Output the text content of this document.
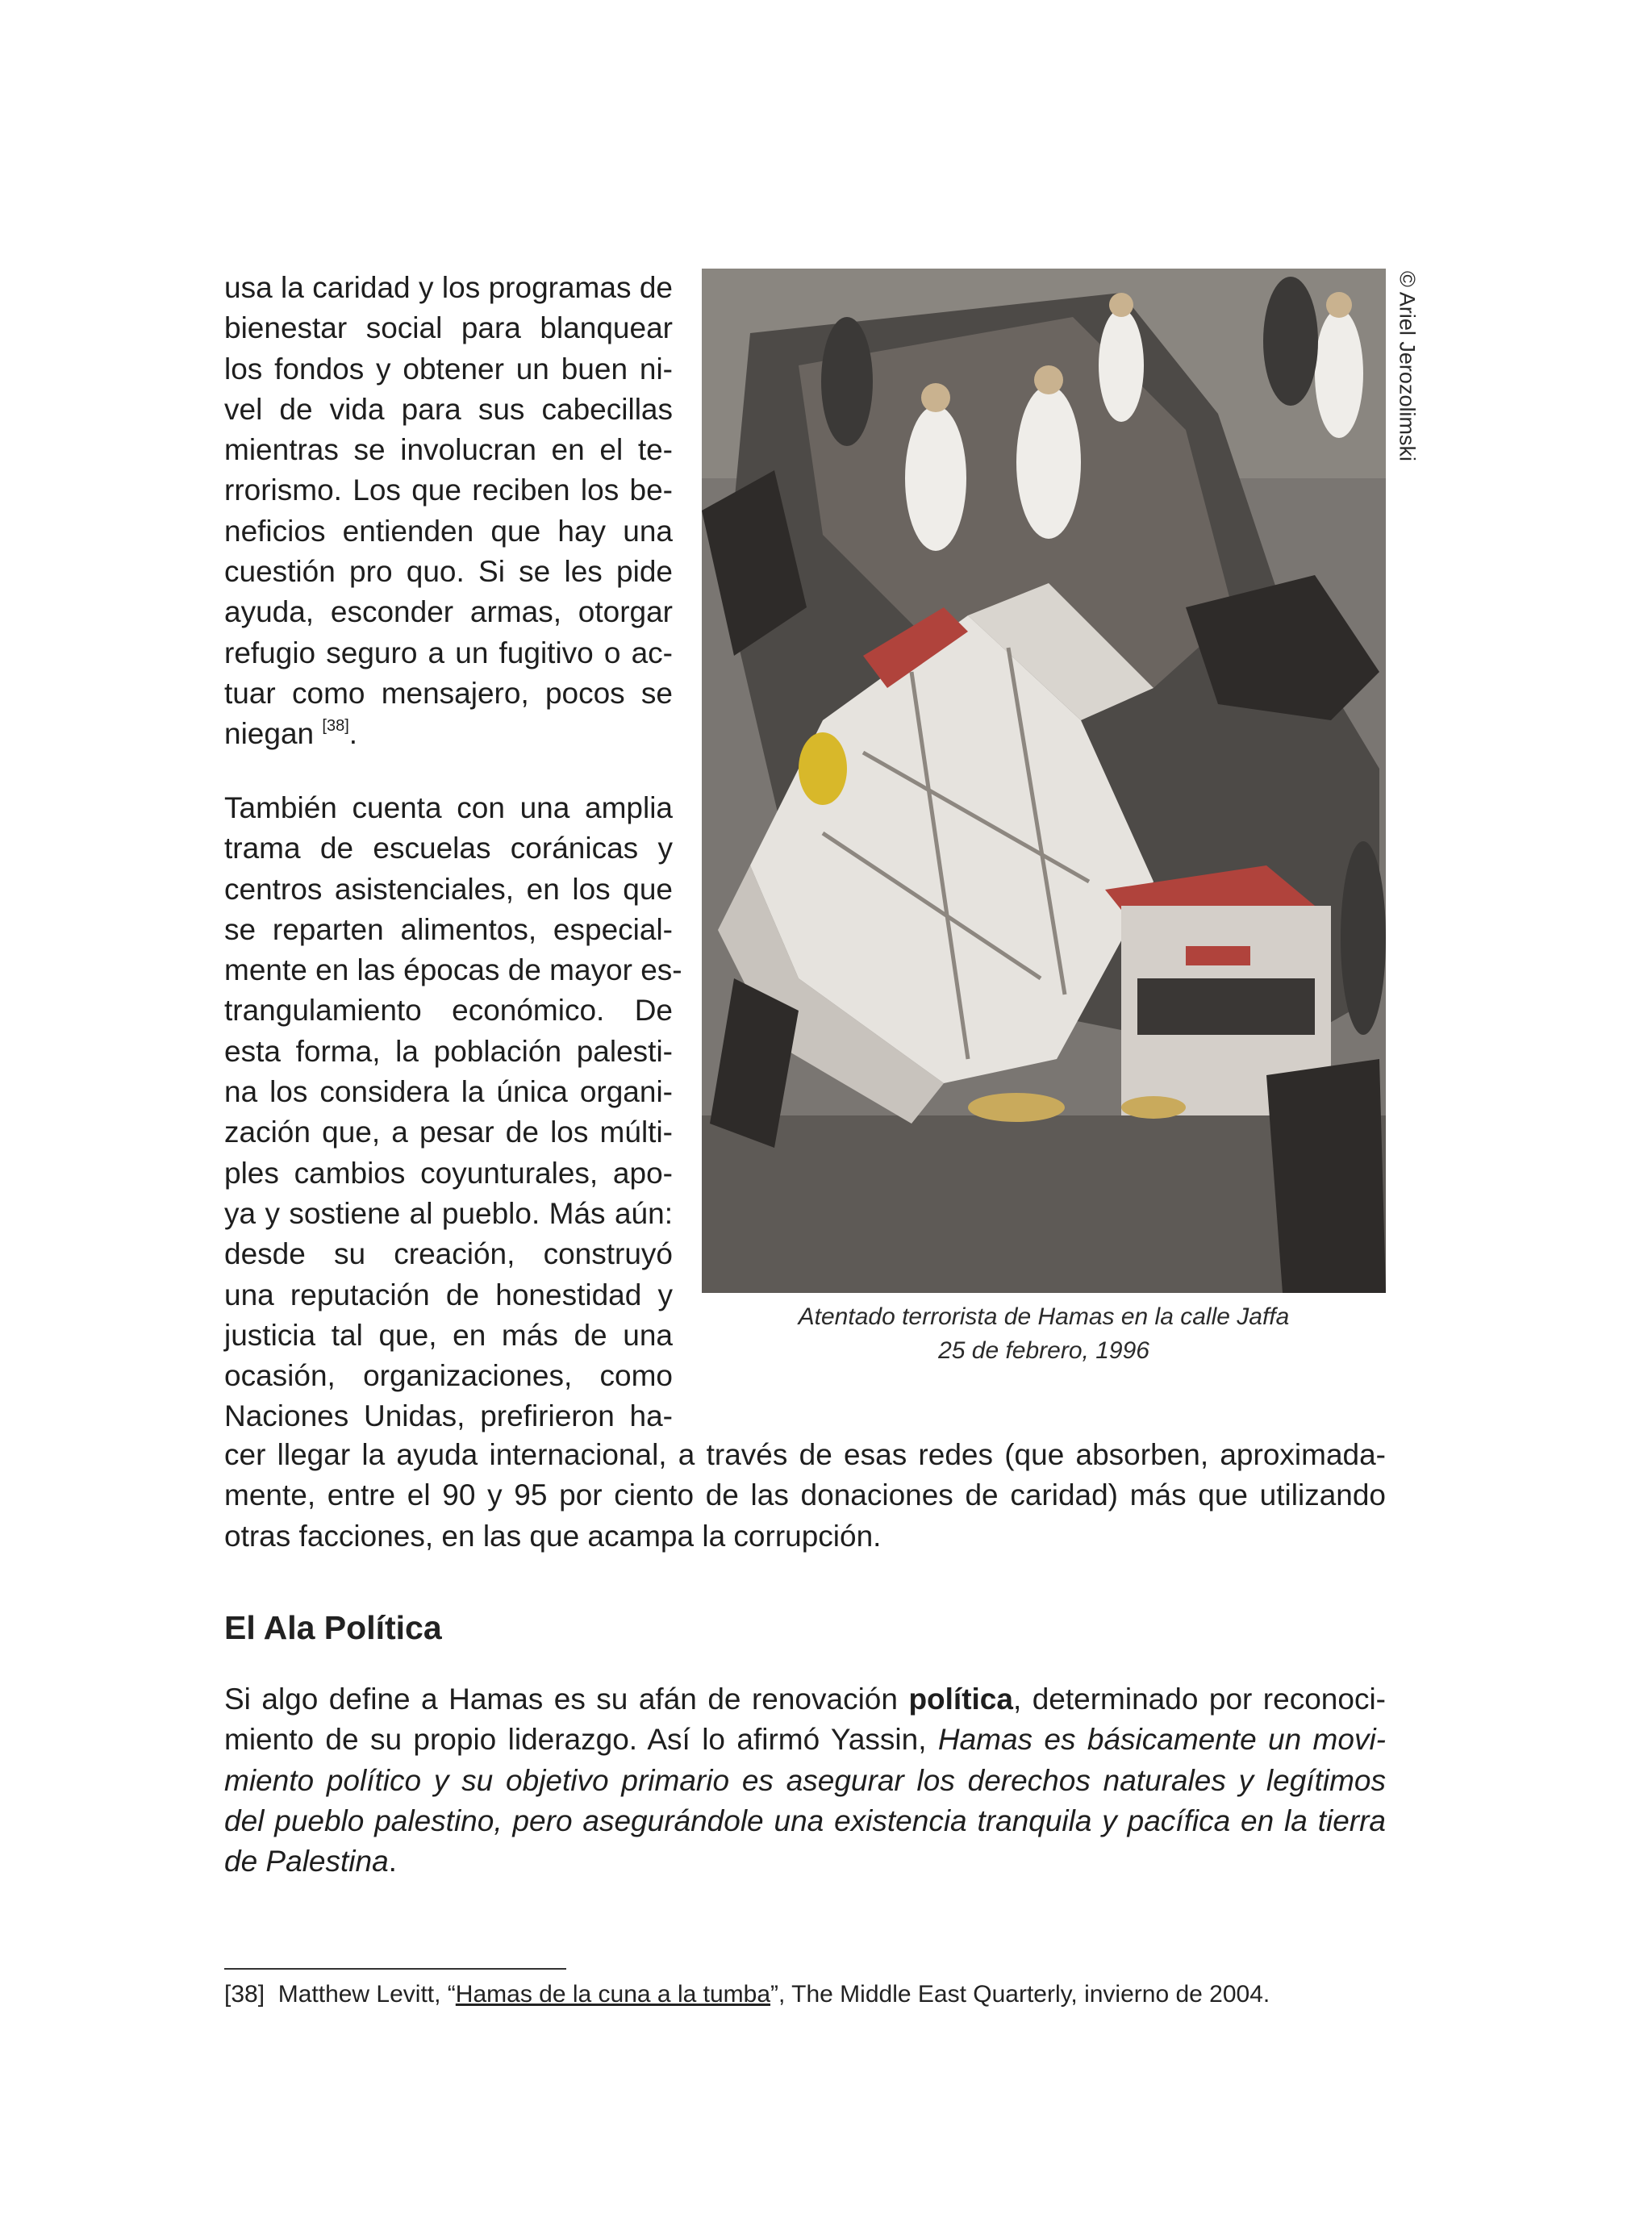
© Ariel Jerozolimski
Atentado terrorista de Hamas en la calle Jaffa
25 de febrero, 1996
usa la caridad y los programas de
bienestar social para blanquear
los fondos y obtener un buen ni-
vel de vida para sus cabecillas
mientras se involucran en el te-
rrorismo. Los que reciben los be-
neficios entienden que hay una
cuestión pro quo. Si se les pide
ayuda, esconder armas, otorgar
refugio seguro a un fugitivo o ac-
tuar como mensajero, pocos se
niegan [38].
También cuenta con una amplia
trama de escuelas coránicas y
centros asistenciales, en los que
se reparten alimentos, especial-
mente en las épocas de mayor es-
trangulamiento económico. De
esta forma, la población palesti-
na los considera la única organi-
zación que, a pesar de los múlti-
ples cambios coyunturales, apo-
ya y sostiene al pueblo. Más aún:
desde su creación, construyó
una reputación de honestidad y
justicia tal que, en más de una
ocasión, organizaciones, como
Naciones Unidas, prefirieron ha-
cer llegar la ayuda internacional, a través de esas redes (que absorben, aproximada-
mente, entre el 90 y 95 por ciento de las donaciones de caridad) más que utilizando
otras facciones, en las que acampa la corrupción.
El Ala Política
Si algo define a Hamas es su afán de renovación política, determinado por reconoci-
miento de su propio liderazgo. Así lo afirmó Yassin, Hamas es básicamente un movi-
miento político y su objetivo primario es asegurar los derechos naturales y legítimos
del pueblo palestino, pero asegurándole una existencia tranquila y pacífica en la tierra
de Palestina.
[38] Matthew Levitt, “Hamas de la cuna a la tumba”, The Middle East Quarterly, invierno de 2004.
